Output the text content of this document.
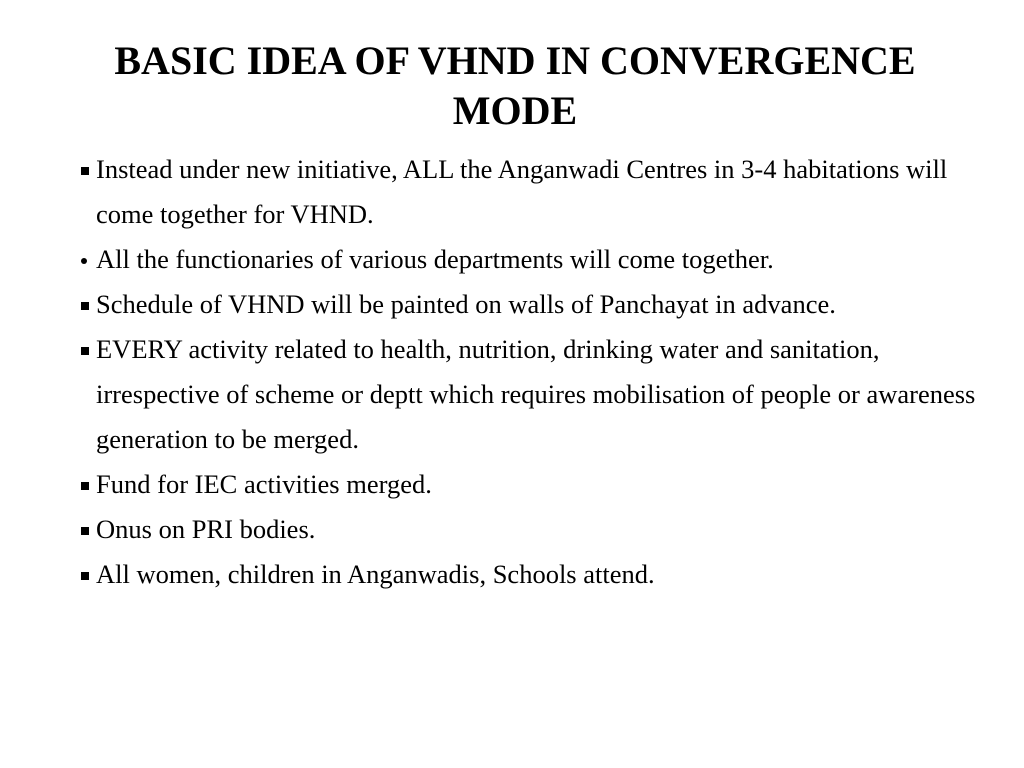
BASIC IDEA OF VHND IN CONVERGENCE
MODE
Instead under new initiative, ALL the Anganwadi Centres in 3-4 habitations will come together for VHND.
All the functionaries of various departments will come together.
Schedule of VHND will be painted on walls of Panchayat in advance.
EVERY activity related to health, nutrition, drinking water and sanitation, irrespective of scheme or deptt which requires mobilisation of people or awareness generation to be merged.
Fund for IEC activities merged.
Onus on PRI bodies.
All women, children in Anganwadis, Schools attend.
